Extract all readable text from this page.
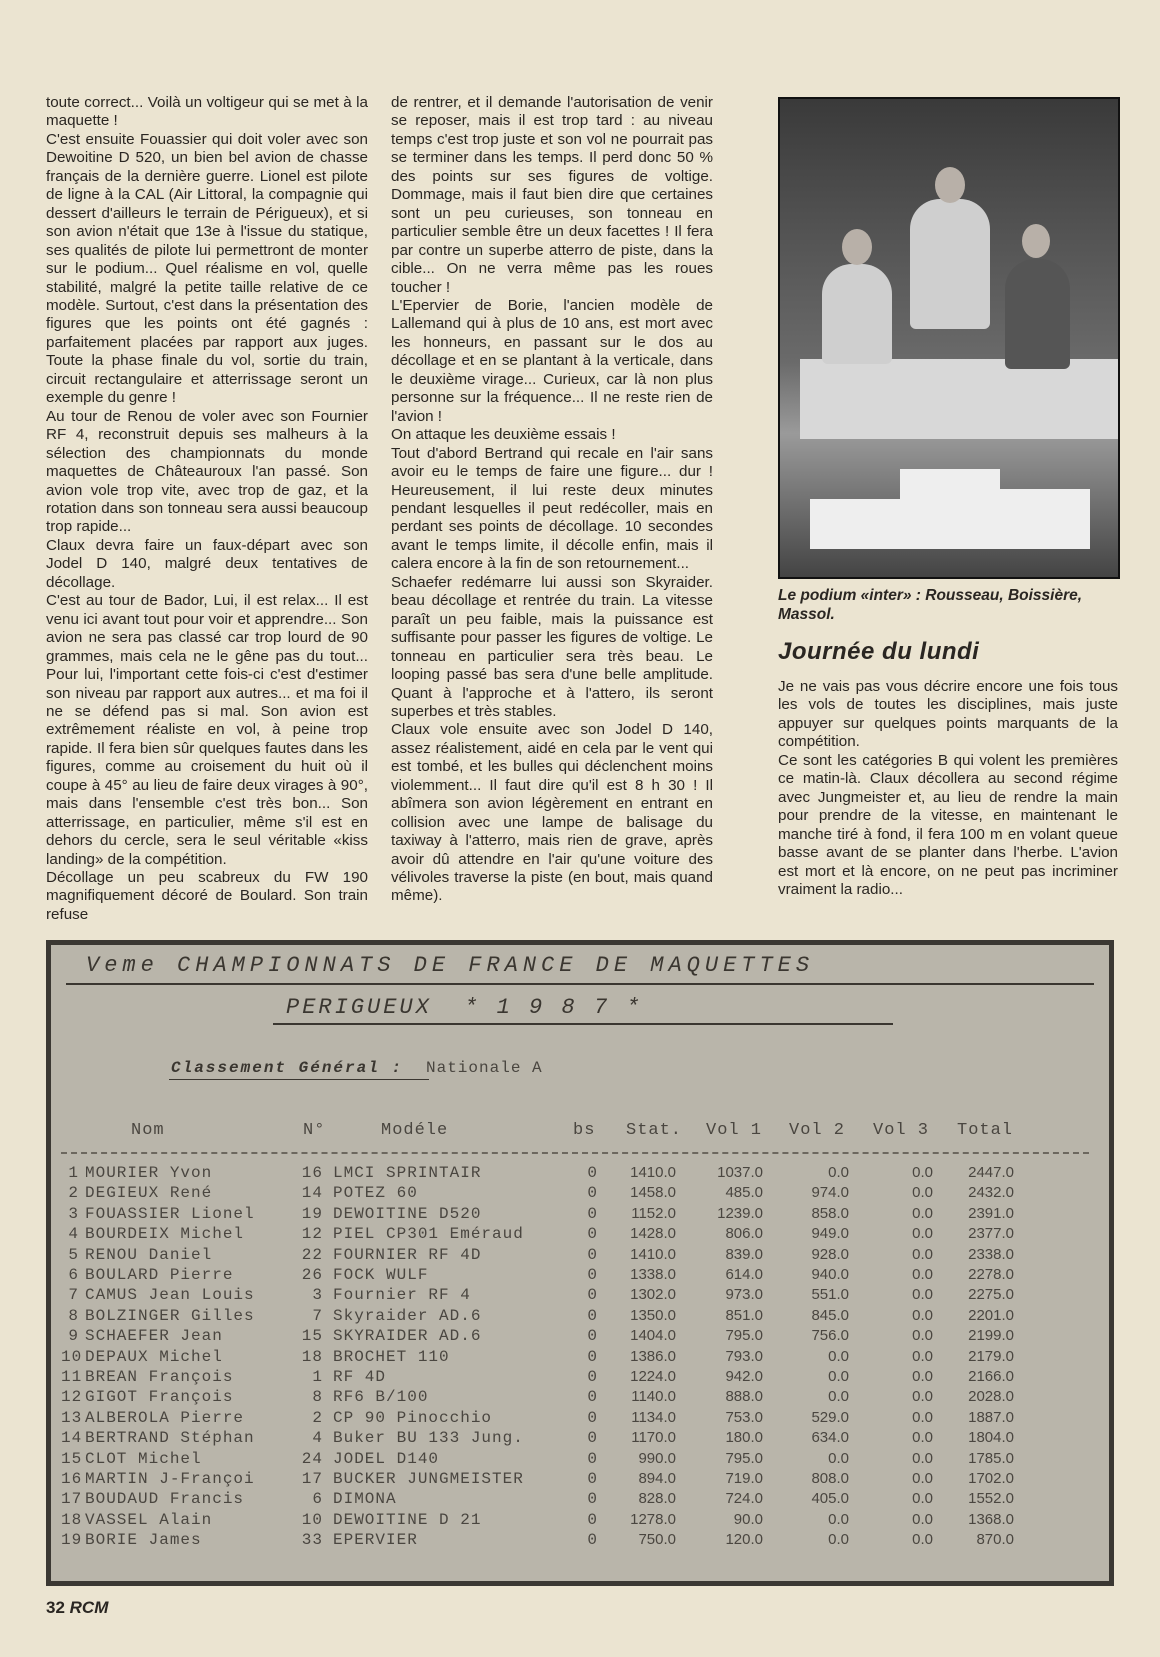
toute correct... Voilà un voltigeur qui se met à la maquette !

C'est ensuite Fouassier qui doit voler avec son Dewoitine D 520, un bien bel avion de chasse français de la dernière guerre. Lionel est pilote de ligne à la CAL (Air Littoral, la compagnie qui dessert d'ailleurs le terrain de Périgueux), et si son avion n'était que 13e à l'issue du statique, ses qualités de pilote lui permettront de monter sur le podium... Quel réalisme en vol, quelle stabilité, malgré la petite taille relative de ce modèle. Surtout, c'est dans la présentation des figures que les points ont été gagnés : parfaitement placées par rapport aux juges. Toute la phase finale du vol, sortie du train, circuit rectangulaire et atterrissage seront un exemple du genre !

Au tour de Renou de voler avec son Fournier RF 4, reconstruit depuis ses malheurs à la sélection des championnats du monde maquettes de Châteauroux l'an passé. Son avion vole trop vite, avec trop de gaz, et la rotation dans son tonneau sera aussi beaucoup trop rapide...

Claux devra faire un faux-départ avec son Jodel D 140, malgré deux tentatives de décollage.

C'est au tour de Bador, Lui, il est relax... Il est venu ici avant tout pour voir et apprendre... Son avion ne sera pas classé car trop lourd de 90 grammes, mais cela ne le gêne pas du tout... Pour lui, l'important cette fois-ci c'est d'estimer son niveau par rapport aux autres... et ma foi il ne se défend pas si mal. Son avion est extrêmement réaliste en vol, à peine trop rapide. Il fera bien sûr quelques fautes dans les figures, comme au croisement du huit où il coupe à 45° au lieu de faire deux virages à 90°, mais dans l'ensemble c'est très bon... Son atterrissage, en particulier, même s'il est en dehors du cercle, sera le seul véritable «kiss landing» de la compétition.

Décollage un peu scabreux du FW 190 magnifiquement décoré de Boulard. Son train refuse

de rentrer, et il demande l'autorisation de venir se reposer, mais il est trop tard : au niveau temps c'est trop juste et son vol ne pourrait pas se terminer dans les temps. Il perd donc 50 % des points sur ses figures de voltige. Dommage, mais il faut bien dire que certaines sont un peu curieuses, son tonneau en particulier semble être un deux facettes ! Il fera par contre un superbe atterro de piste, dans la cible... On ne verra même pas les roues toucher !

L'Epervier de Borie, l'ancien modèle de Lallemand qui à plus de 10 ans, est mort avec les honneurs, en passant sur le dos au décollage et en se plantant à la verticale, dans le deuxième virage... Curieux, car là non plus personne sur la fréquence... Il ne reste rien de l'avion !

On attaque les deuxième essais !

Tout d'abord Bertrand qui recale en l'air sans avoir eu le temps de faire une figure... dur ! Heureusement, il lui reste deux minutes pendant lesquelles il peut redécoller, mais en perdant ses points de décollage. 10 secondes avant le temps limite, il décolle enfin, mais il calera encore à la fin de son retournement...

Schaefer redémarre lui aussi son Skyraider. beau décollage et rentrée du train. La vitesse paraît un peu faible, mais la puissance est suffisante pour passer les figures de voltige. Le tonneau en particulier sera très beau. Le looping passé bas sera d'une belle amplitude. Quant à l'approche et à l'attero, ils seront superbes et très stables.

Claux vole ensuite avec son Jodel D 140, assez réalistement, aidé en cela par le vent qui est tombé, et les bulles qui déclenchent moins violemment... Il faut dire qu'il est 8 h 30 ! Il abîmera son avion légèrement en entrant en collision avec une lampe de balisage du taxiway à l'atterro, mais rien de grave, après avoir dû attendre en l'air qu'une voiture des vélivoles traverse la piste (en bout, mais quand même).

Le podium «inter» : Rousseau, Boissière, Massol.
Journée du lundi

Je ne vais pas vous décrire encore une fois tous les vols de toutes les disciplines, mais juste appuyer sur quelques points marquants de la compétition.

Ce sont les catégories B qui volent les premières ce matin-là. Claux décollera au second régime avec Jungmeister et, au lieu de rendre la main pour prendre de la vitesse, en maintenant le manche tiré à fond, il fera 100 m en volant queue basse avant de se planter dans l'herbe. L'avion est mort et là encore, on ne peut pas incriminer vraiment la radio...

Veme CHAMPIONNATS DE FRANCE DE MAQUETTES
PERIGUEUX  * 1 9 8 7 *
Classement Général : Nationale A
Nom	N°	Modéle	bs Stat. Vol 1 Vol 2 Vol 3 Total
1 MOURIER Yvon	16 LMCI SPRINTAIR	0	1410.0	1037.0	0.0	0.0	2447.0
2 DEGIEUX René	14 POTEZ 60	0	1458.0	485.0	974.0	0.0	2432.0
3 FOUASSIER Lionel	19 DEWOITINE D520	0	1152.0	1239.0	858.0	0.0	2391.0
4 BOURDEIX Michel	12 PIEL CP301 Eméraud	0	1428.0	806.0	949.0	0.0	2377.0
5 RENOU Daniel	22 FOURNIER RF 4D	0	1410.0	839.0	928.0	0.0	2338.0
6 BOULARD Pierre	26 FOCK WULF	0	1338.0	614.0	940.0	0.0	2278.0
7 CAMUS Jean Louis	3 Fournier RF 4	0	1302.0	973.0	551.0	0.0	2275.0
8 BOLZINGER Gilles	7 Skyraider AD.6	0	1350.0	851.0	845.0	0.0	2201.0
9 SCHAEFER Jean	15 SKYRAIDER AD.6	0	1404.0	795.0	756.0	0.0	2199.0
10 DEPAUX Michel	18 BROCHET 110	0	1386.0	793.0	0.0	0.0	2179.0
11 BREAN François	1 RF 4D	0	1224.0	942.0	0.0	0.0	2166.0
12 GIGOT François	8 RF6 B/100	0	1140.0	888.0	0.0	0.0	2028.0
13 ALBEROLA Pierre	2 CP 90 Pinocchio	0	1134.0	753.0	529.0	0.0	1887.0
14 BERTRAND Stéphan	4 Buker BU 133 Jung.	0	1170.0	180.0	634.0	0.0	1804.0
15 CLOT Michel	24 JODEL D140	0	990.0	795.0	0.0	0.0	1785.0
16 MARTIN J-Françoi	17 BUCKER JUNGMEISTER	0	894.0	719.0	808.0	0.0	1702.0
17 BOUDAUD Francis	6 DIMONA	0	828.0	724.0	405.0	0.0	1552.0
18 VASSEL Alain	10 DEWOITINE D 21	0	1278.0	90.0	0.0	0.0	1368.0
19 BORIE James	33 EPERVIER	0	750.0	120.0	0.0	0.0	870.0
32 RCM
